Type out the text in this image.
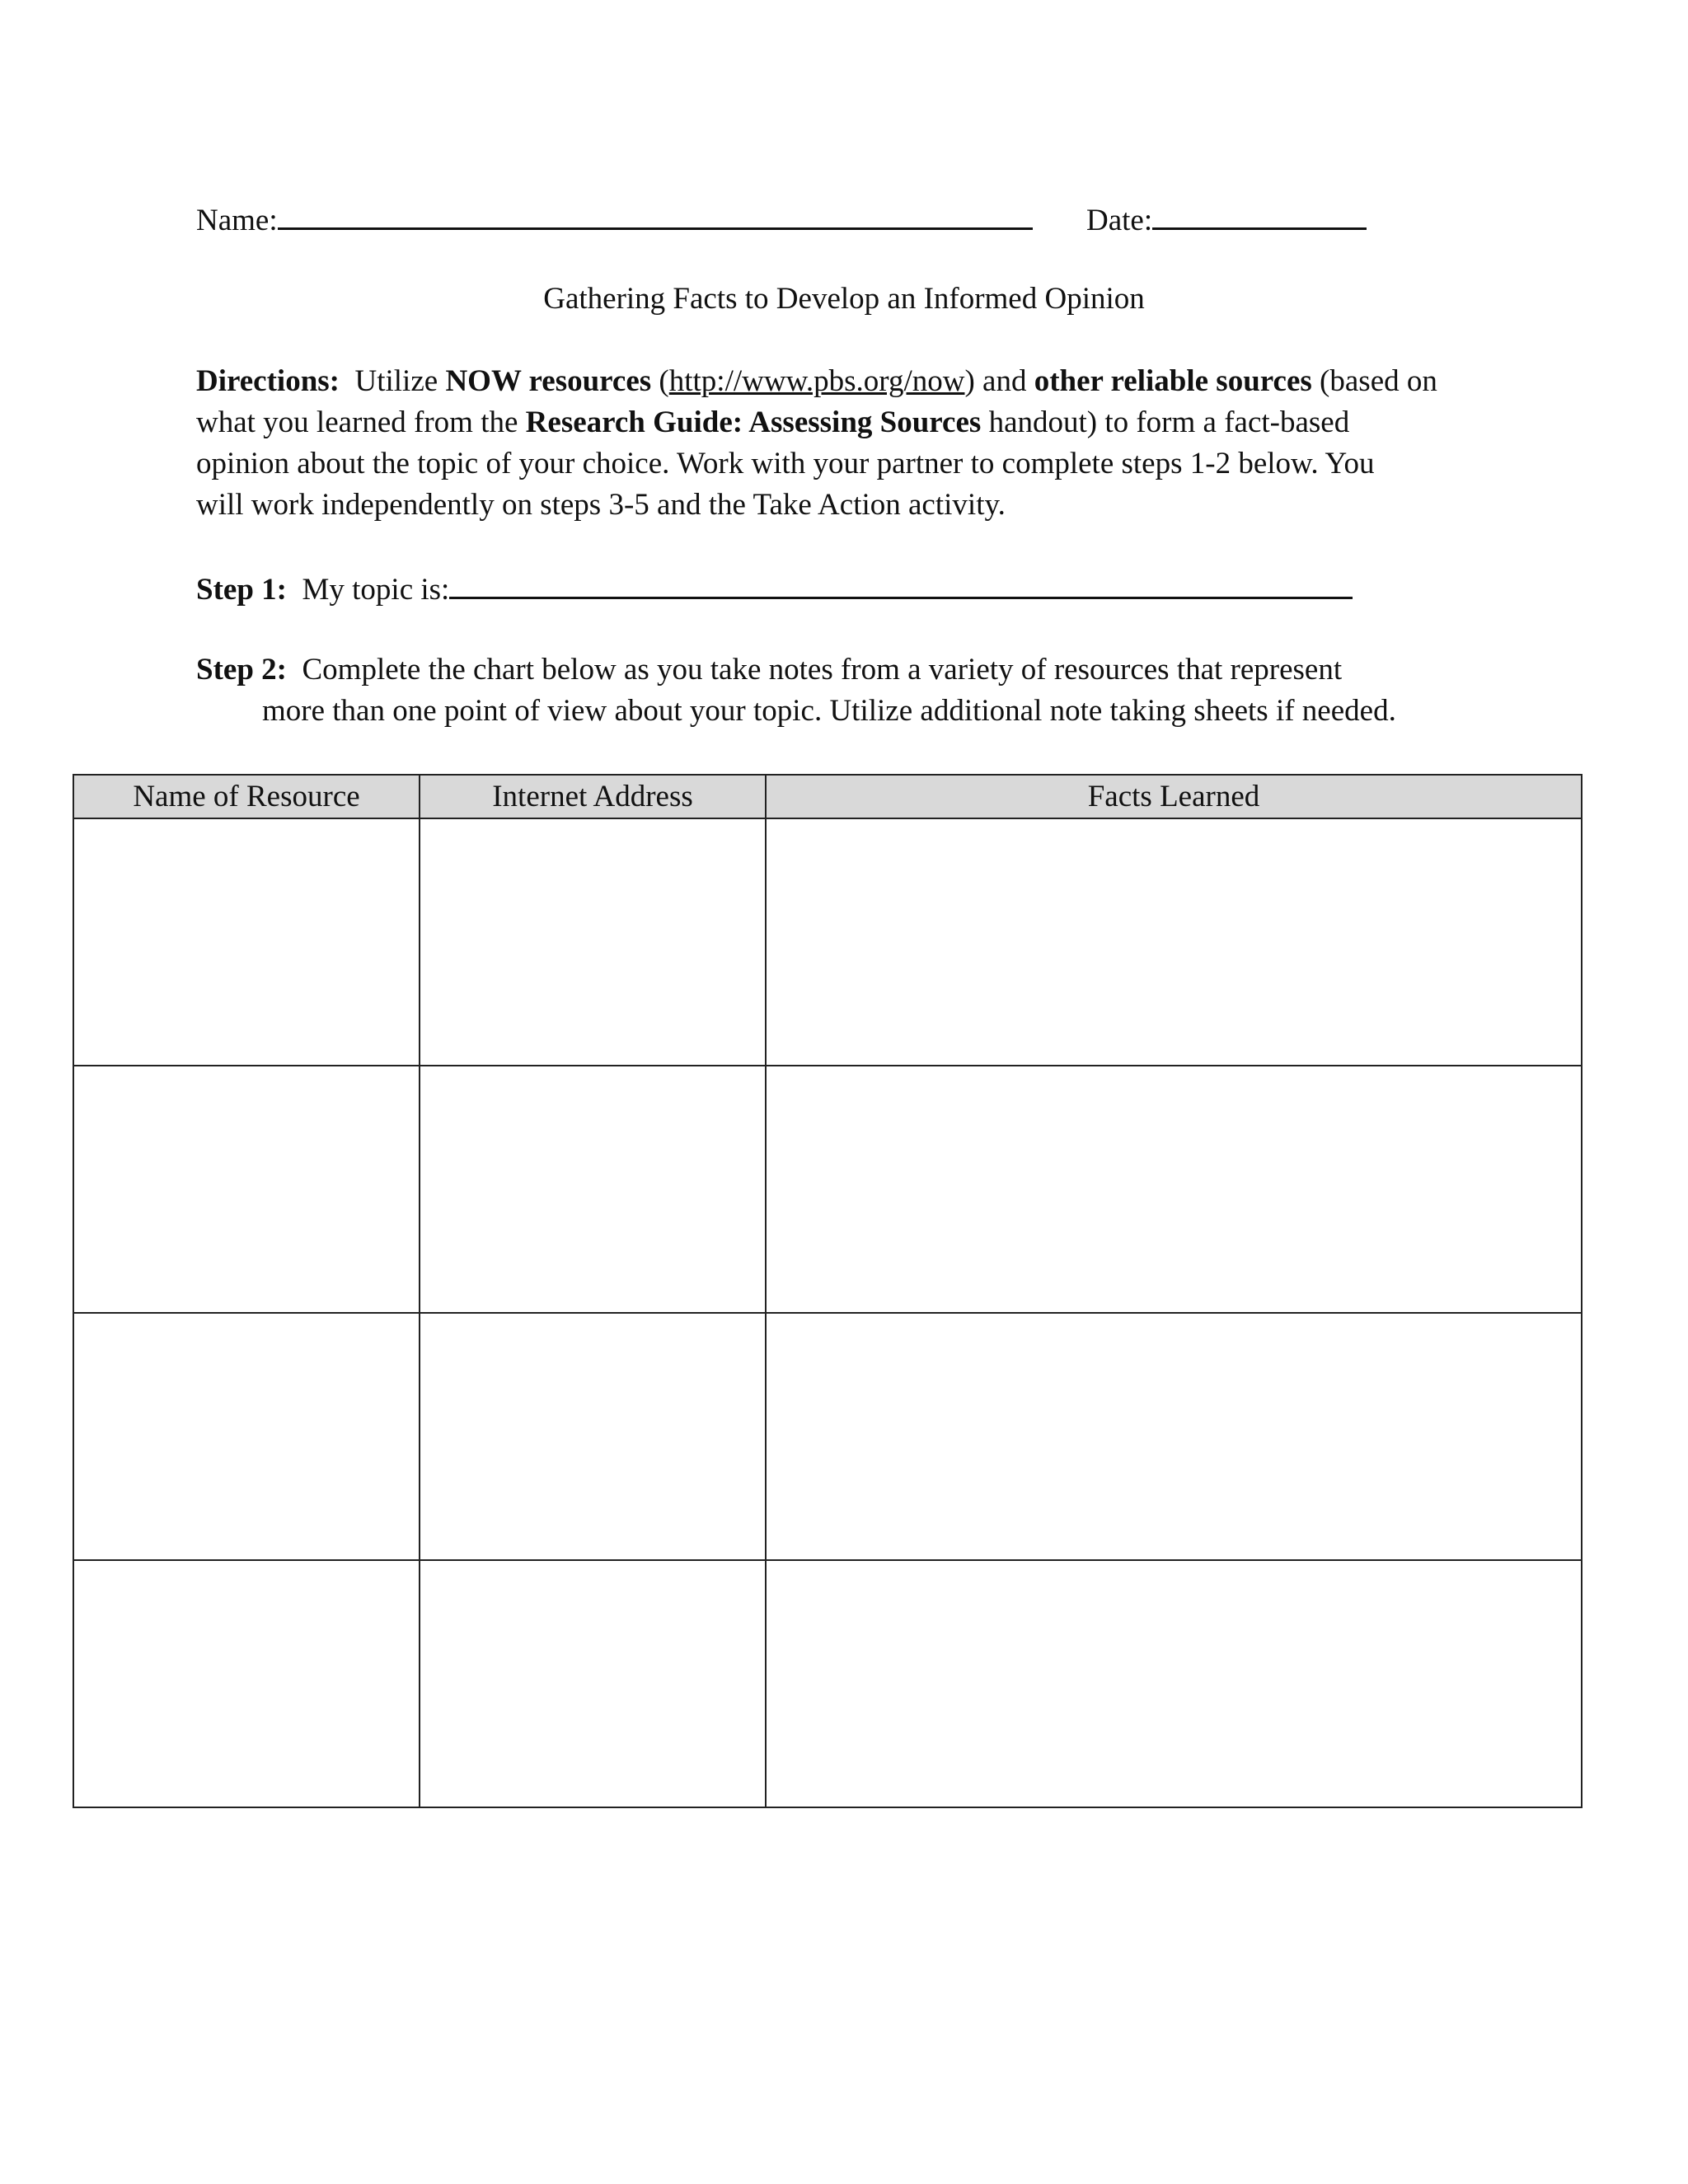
Name:	Date:
Gathering Facts to Develop an Informed Opinion
Directions: Utilize NOW resources (http://www.pbs.org/now) and other reliable sources (based on
what you learned from the Research Guide: Assessing Sources handout) to form a fact-based
opinion about the topic of your choice. Work with your partner to complete steps 1-2 below. You
will work independently on steps 3-5 and the Take Action activity.
Step 1: My topic is:
Step 2: Complete the chart below as you take notes from a variety of resources that represent
more than one point of view about your topic. Utilize additional note taking sheets if needed.
Name of Resource	Internet Address	Facts Learned
